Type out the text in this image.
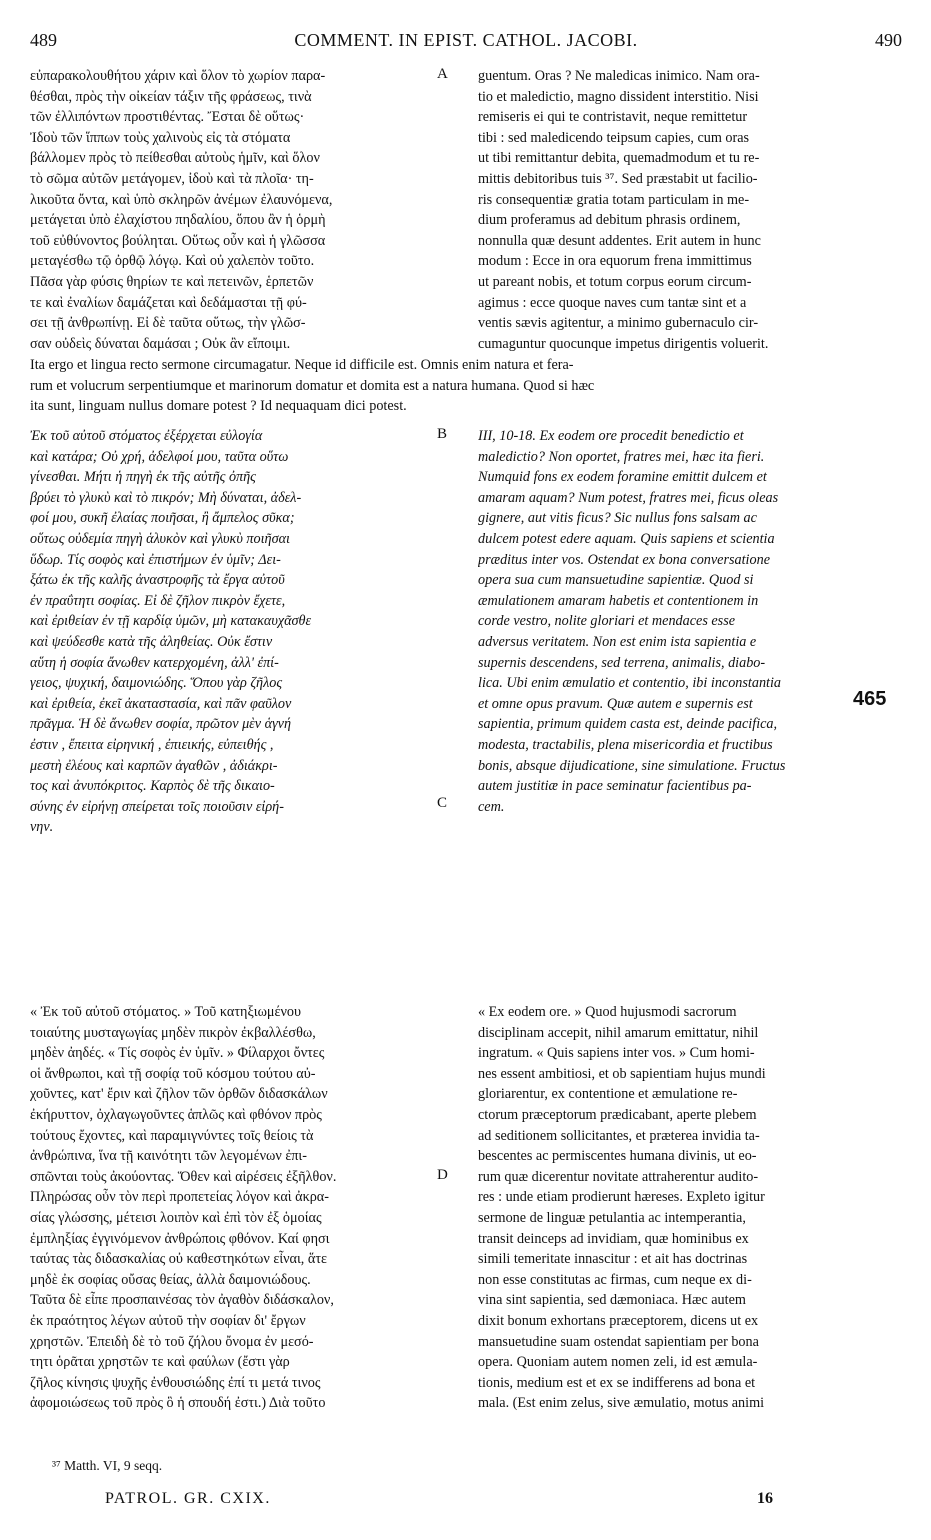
489	COMMENT. IN EPIST. CATHOL. JACOBI.	490
εὐπαρακολουθήτου χάριν καὶ ὅλον τὸ χωρίον παρα-
θέσθαι, πρὸς τὴν οἰκείαν τάξιν τῆς φράσεως, τινὰ
τῶν ἐλλιπόντων προστιθέντας. Ἔσται δὲ οὕτως·
Ἰδοὺ τῶν ἵππων τοὺς χαλινοὺς εἰς τὰ στόματα
βάλλομεν πρὸς τὸ πείθεσθαι αὐτοὺς ἡμῖν, καὶ ὅλον
τὸ σῶμα αὐτῶν μετάγομεν, ἰδοὺ καὶ τὰ πλοῖα· τη-
λικοῦτα ὄντα, καὶ ὑπὸ σκληρῶν ἀνέμων ἐλαυνόμενα,
μετάγεται ὑπὸ ἐλαχίστου πηδαλίου, ὅπου ἂν ἡ ὁρμὴ
τοῦ εὐθύνοντος βούληται. Οὕτως οὖν καὶ ἡ γλῶσσα
μεταγέσθω τῷ ὀρθῷ λόγῳ. Καὶ οὐ χαλεπὸν τοῦτο.
Πᾶσα γὰρ φύσις θηρίων τε καὶ πετεινῶν, ἑρπετῶν
τε καὶ ἐναλίων δαμάζεται καὶ δεδάμασται τῇ φύ-
σει τῇ ἀνθρωπίνῃ. Εἰ δὲ ταῦτα οὕτως, τὴν γλῶσ-
σαν οὐδεὶς δύναται δαμάσαι ; Οὐκ ἂν εἴποιμι.
guentum. Oras ? Ne maledicas inimico. Nam ora-
tio et maledictio, magno dissident interstitio. Nisi
remiseris ei qui te contristavit, neque remittetur
tibi : sed maledicendo teipsum capies, cum oras
ut tibi remittantur debita, quemadmodum et tu re-
mittis debitoribus tuis ³⁷. Sed præstabit ut facilio-
ris consequentiæ gratia totam particulam in me-
dium proferamus ad debitum phrasis ordinem,
nonnulla quæ desunt addentes. Erit autem in hunc
modum : Ecce in ora equorum frena immittimus
ut pareant nobis, et totum corpus eorum circum-
agimus : ecce quoque naves cum tantæ sint et a
ventis sævis agitentur, a minimo gubernaculo cir-
cumaguntur quocunque impetus dirigentis voluerit.
A
Ita ergo et lingua recto sermone circumagatur. Neque id difficile est. Omnis enim natura et fera-
rum et volucrum serpentiumque et marinorum domatur et domita est a natura humana. Quod si hæc
ita sunt, linguam nullus domare potest ? Id nequaquam dici potest.
Ἐκ τοῦ αὐτοῦ στόματος ἐξέρχεται εὐλογία
καὶ κατάρα; Οὐ χρή, ἀδελφοί μου, ταῦτα οὕτω
γίνεσθαι. Μήτι ἡ πηγὴ ἐκ τῆς αὐτῆς ὀπῆς
βρύει τὸ γλυκὺ καὶ τὸ πικρόν; Μὴ δύναται, ἀδελ-
φοί μου, συκῆ ἐλαίας ποιῆσαι, ἢ ἄμπελος σῦκα;
οὕτως οὐδεμία πηγὴ ἁλυκὸν καὶ γλυκὺ ποιῆσαι
ὕδωρ. Τίς σοφὸς καὶ ἐπιστήμων ἐν ὑμῖν; Δει-
ξάτω ἐκ τῆς καλῆς ἀναστροφῆς τὰ ἔργα αὐτοῦ
ἐν πραΰτητι σοφίας. Εἰ δὲ ζῆλον πικρὸν ἔχετε,
καὶ ἐριθείαν ἐν τῇ καρδίᾳ ὑμῶν, μὴ κατακαυχᾶσθε
καὶ ψεύδεσθε κατὰ τῆς ἀληθείας. Οὐκ ἔστιν
αὕτη ἡ σοφία ἄνωθεν κατερχομένη, ἀλλ' ἐπί-
γειος, ψυχική, δαιμονιώδης. Ὅπου γὰρ ζῆλος
καὶ ἐριθεία, ἐκεῖ ἀκαταστασία, καὶ πᾶν φαῦλον
πρᾶγμα. Ἡ δὲ ἄνωθεν σοφία, πρῶτον μὲν ἁγνή
ἐστιν , ἔπειτα εἰρηνική , ἐπιεικής, εὐπειθής ,
μεστὴ ἐλέους καὶ καρπῶν ἀγαθῶν , ἀδιάκρι-
τος καὶ ἀνυπόκριτος. Καρπὸς δὲ τῆς δικαιο-
σύνης ἐν εἰρήνῃ σπείρεται τοῖς ποιοῦσιν εἰρή-
νην.
III, 10-18. Ex eodem ore procedit benedictio et
maledictio? Non oportet, fratres mei, hæc ita fieri.
Numquid fons ex eodem foramine emittit dulcem et
amaram aquam? Num potest, fratres mei, ficus oleas
gignere, aut vitis ficus? Sic nullus fons salsam ac
dulcem potest edere aquam. Quis sapiens et scientia
præditus inter vos. Ostendat ex bona conversatione
opera sua cum mansuetudine sapientiæ. Quod si
æmulationem amaram habetis et contentionem in
corde vestro, nolite gloriari et mendaces esse
adversus veritatem. Non est enim ista sapientia e
supernis descendens, sed terrena, animalis, diabo-
lica. Ubi enim æmulatio et contentio, ibi inconstantia
et omne opus pravum. Quæ autem e supernis est
sapientia, primum quidem casta est, deinde pacifica,
modesta, tractabilis, plena misericordia et fructibus
bonis, absque dijudicatione, sine simulatione. Fructus
autem justitiæ in pace seminatur facientibus pa-
cem.
B
C
465
« Ἐκ τοῦ αὐτοῦ στόματος. » Τοῦ κατηξιωμένου
τοιαύτης μυσταγωγίας μηδὲν πικρὸν ἐκβαλλέσθω,
μηδὲν ἀηδές. « Τίς σοφὸς ἐν ὑμῖν. » Φίλαρχοι ὄντες
οἱ ἄνθρωποι, καὶ τῇ σοφίᾳ τοῦ κόσμου τούτου αὐ-
χοῦντες, κατ' ἔριν καὶ ζῆλον τῶν ὀρθῶν διδασκάλων
ἐκήρυττον, ὀχλαγωγοῦντες ἁπλῶς καὶ φθόνον πρὸς
τούτους ἔχοντες, καὶ παραμιγνύντες τοῖς θείοις τὰ
ἀνθρώπινα, ἵνα τῇ καινότητι τῶν λεγομένων ἐπι-
σπῶνται τοὺς ἀκούοντας. Ὅθεν καὶ αἱρέσεις ἐξῆλθον.
Πληρώσας οὖν τὸν περὶ προπετείας λόγον καὶ ἀκρα-
σίας γλώσσης, μέτεισι λοιπὸν καὶ ἐπὶ τὸν ἐξ ὁμοίας
ἐμπληξίας ἐγγινόμενον ἀνθρώποις φθόνον. Καί φησι
ταύτας τὰς διδασκαλίας οὐ καθεστηκότων εἶναι, ἅτε
μηδὲ ἐκ σοφίας οὔσας θείας, ἀλλὰ δαιμονιώδους.
Ταῦτα δὲ εἶπε προσπαινέσας τὸν ἀγαθὸν διδάσκαλον,
ἐκ πραότητος λέγων αὐτοῦ τὴν σοφίαν δι' ἔργων
χρηστῶν. Ἐπειδὴ δὲ τὸ τοῦ ζήλου ὄνομα ἐν μεσό-
τητι ὁρᾶται χρηστῶν τε καὶ φαύλων (ἔστι γὰρ
ζῆλος κίνησις ψυχῆς ἐνθουσιώδης ἐπί τι μετά τινος
ἀφομοιώσεως τοῦ πρὸς ὃ ἡ σπουδή ἐστι.) Διὰ τοῦτο
« Ex eodem ore. » Quod hujusmodi sacrorum
disciplinam accepit, nihil amarum emittatur, nihil
ingratum. « Quis sapiens inter vos. » Cum homi-
nes essent ambitiosi, et ob sapientiam hujus mundi
gloriarentur, ex contentione et æmulatione re-
ctorum præceptorum prædicabant, aperte plebem
ad seditionem sollicitantes, et præterea invidia ta-
bescentes ac permiscentes humana divinis, ut eo-
rum quæ dicerentur novitate attraherentur audito-
res : unde etiam prodierunt hæreses. Expleto igitur
sermone de linguæ petulantia ac intemperantia,
transit deinceps ad invidiam, quæ hominibus ex
simili temeritate innascitur : et ait has doctrinas
non esse constitutas ac firmas, cum neque ex di-
vina sint sapientia, sed dæmoniaca. Hæc autem
dixit bonum exhortans præceptorem, dicens ut ex
mansuetudine suam ostendat sapientiam per bona
opera. Quoniam autem nomen zeli, id est æmula-
tionis, medium est et ex se indifferens ad bona et
mala. (Est enim zelus, sive æmulatio, motus animi
D
³⁷ Matth. VI, 9 seqq.
PATROL. GR. CXIX.	16
